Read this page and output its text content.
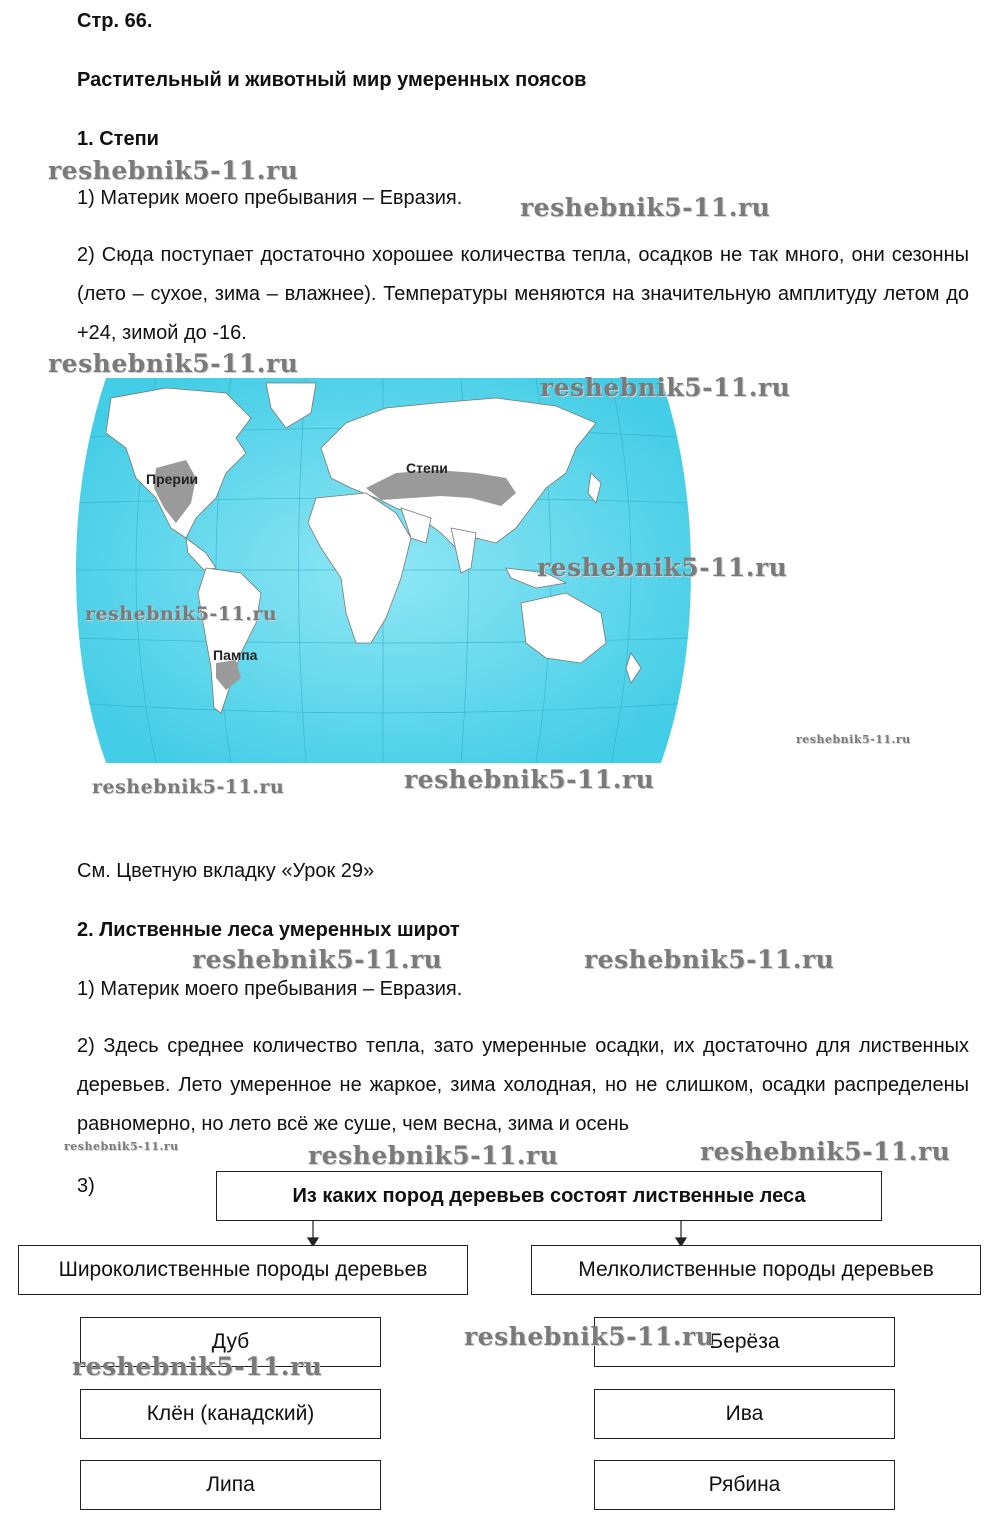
Стр. 66.
Растительный и животный мир умеренных поясов
1. Степи
1) Материк моего пребывания – Евразия.
2) Сюда поступает достаточно хорошее количества тепла, осадков не так много, они сезонны (лето – сухое, зима – влажнее). Температуры меняются на значительную амплитуду летом до +24, зимой до -16.
Прерии
Степи
Пампа
См. Цветную вкладку «Урок 29»
2. Лиственные леса умеренных широт
1) Материк моего пребывания – Евразия.
2) Здесь среднее количество тепла, зато умеренные осадки, их достаточно для лиственных деревьев. Лето умеренное не жаркое, зима холодная, но не слишком, осадки распределены равномерно, но лето всё же суше, чем весна, зима и осень
3)	Из каких пород деревьев состоят лиственные леса
Широколиственные породы деревьев	Мелколиственные породы деревьев
Дуб
Клён (канадский)
Липа
Берёза
Ива
Рябина
reshebnik5-11.ru
reshebnik5-11.ru
reshebnik5-11.ru
reshebnik5-11.ru
reshebnik5-11.ru
reshebnik5-11.ru
reshebnik5-11.ru
reshebnik5-11.ru	reshebnik5-11.ru
reshebnik5-11.ru	reshebnik5-11.ru
reshebnik5-11.ru	reshebnik5-11.ru	reshebnik5-11.ru
reshebnik5-11.ru
reshebnik5-11.ru
